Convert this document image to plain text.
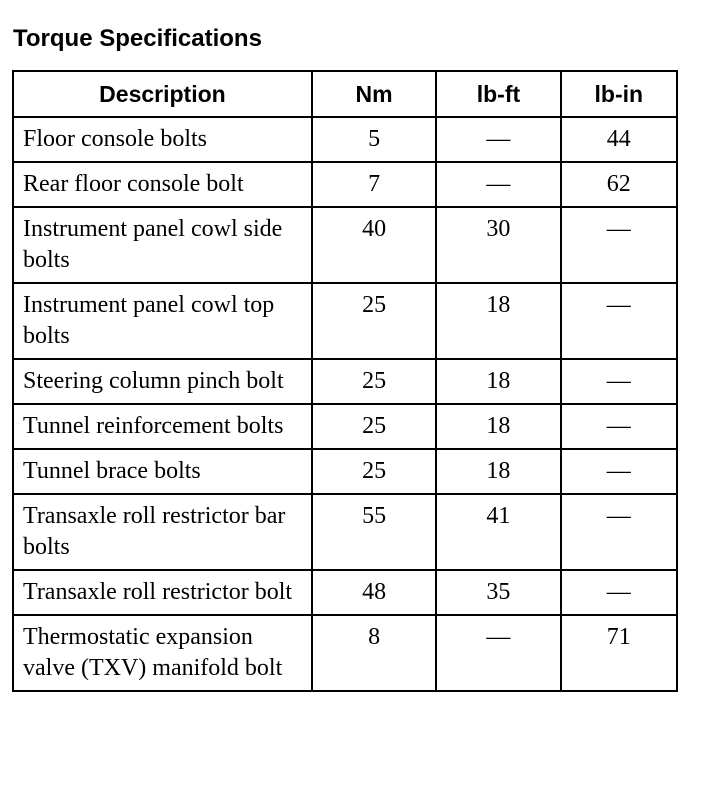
Torque Specifications
Description	Nm	lb-ft	lb-in
Floor console bolts	5	—	44
Rear floor console bolt	7	—	62
Instrument panel cowl side bolts	40	30	—
Instrument panel cowl top bolts	25	18	—
Steering column pinch bolt	25	18	—
Tunnel reinforcement bolts	25	18	—
Tunnel brace bolts	25	18	—
Transaxle roll restrictor bar bolts	55	41	—
Transaxle roll restrictor bolt	48	35	—
Thermostatic expansion valve (TXV) manifold bolt	8	—	71
